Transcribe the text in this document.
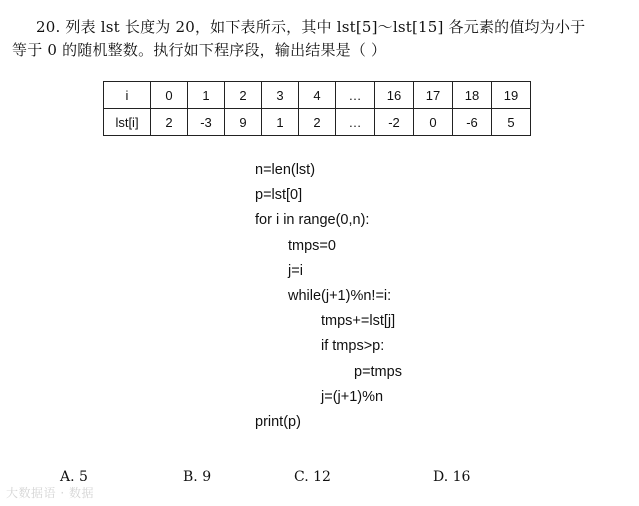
20. 列表 lst 长度为 20，如下表所示，其中 lst[5]～lst[15] 各元素的值均为小于
等于 0 的随机整数。执行如下程序段，输出结果是（ ）
i	0	1	2	3	4	…	16	17	18	19
lst[i]	2	-3	9	1	2	…	-2	0	-6	5
n=len(lst)
p=lst[0]
for i in range(0,n):
tmps=0
j=i
while(j+1)%n!=i:
tmps+=lst[j]
if tmps>p:
p=tmps
j=(j+1)%n
print(p)
A. 5	B. 9	C. 12	D. 16
大数据语 · 数据
